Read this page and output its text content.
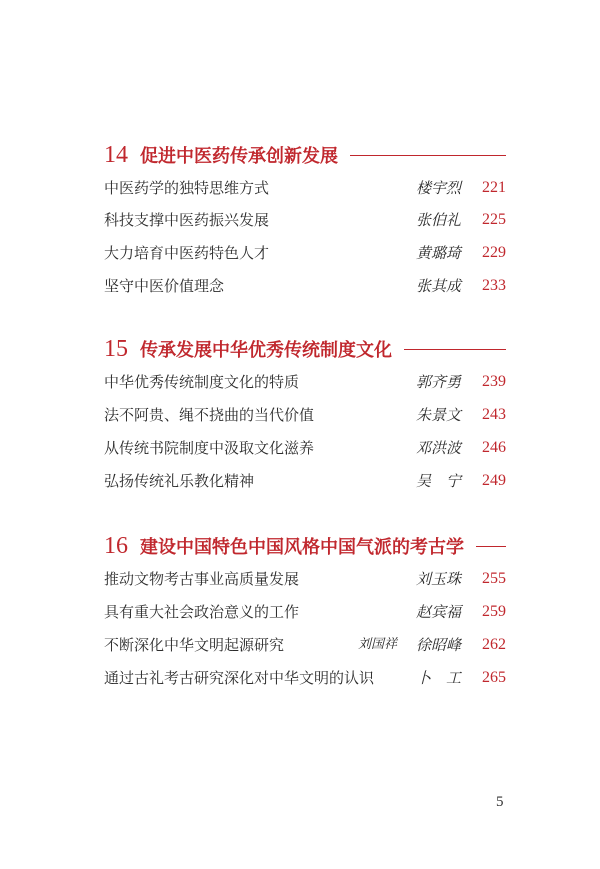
14 促进中医药传承创新发展
中医药学的独特思维方式	楼宇烈 221
科技支撑中医药振兴发展	张伯礼 225
大力培育中医药特色人才	黄璐琦 229
坚守中医价值理念	张其成 233
15 传承发展中华优秀传统制度文化
中华优秀传统制度文化的特质	郭齐勇 239
法不阿贵、绳不挠曲的当代价值	朱景文 243
从传统书院制度中汲取文化滋养	邓洪波 246
弘扬传统礼乐教化精神	吴　宁 249
16 建设中国特色中国风格中国气派的考古学
推动文物考古事业高质量发展	刘玉珠 255
具有重大社会政治意义的工作	赵宾福 259
不断深化中华文明起源研究	刘国祥 徐昭峰 262
通过古礼考古研究深化对中华文明的认识	卜　工 265
5
